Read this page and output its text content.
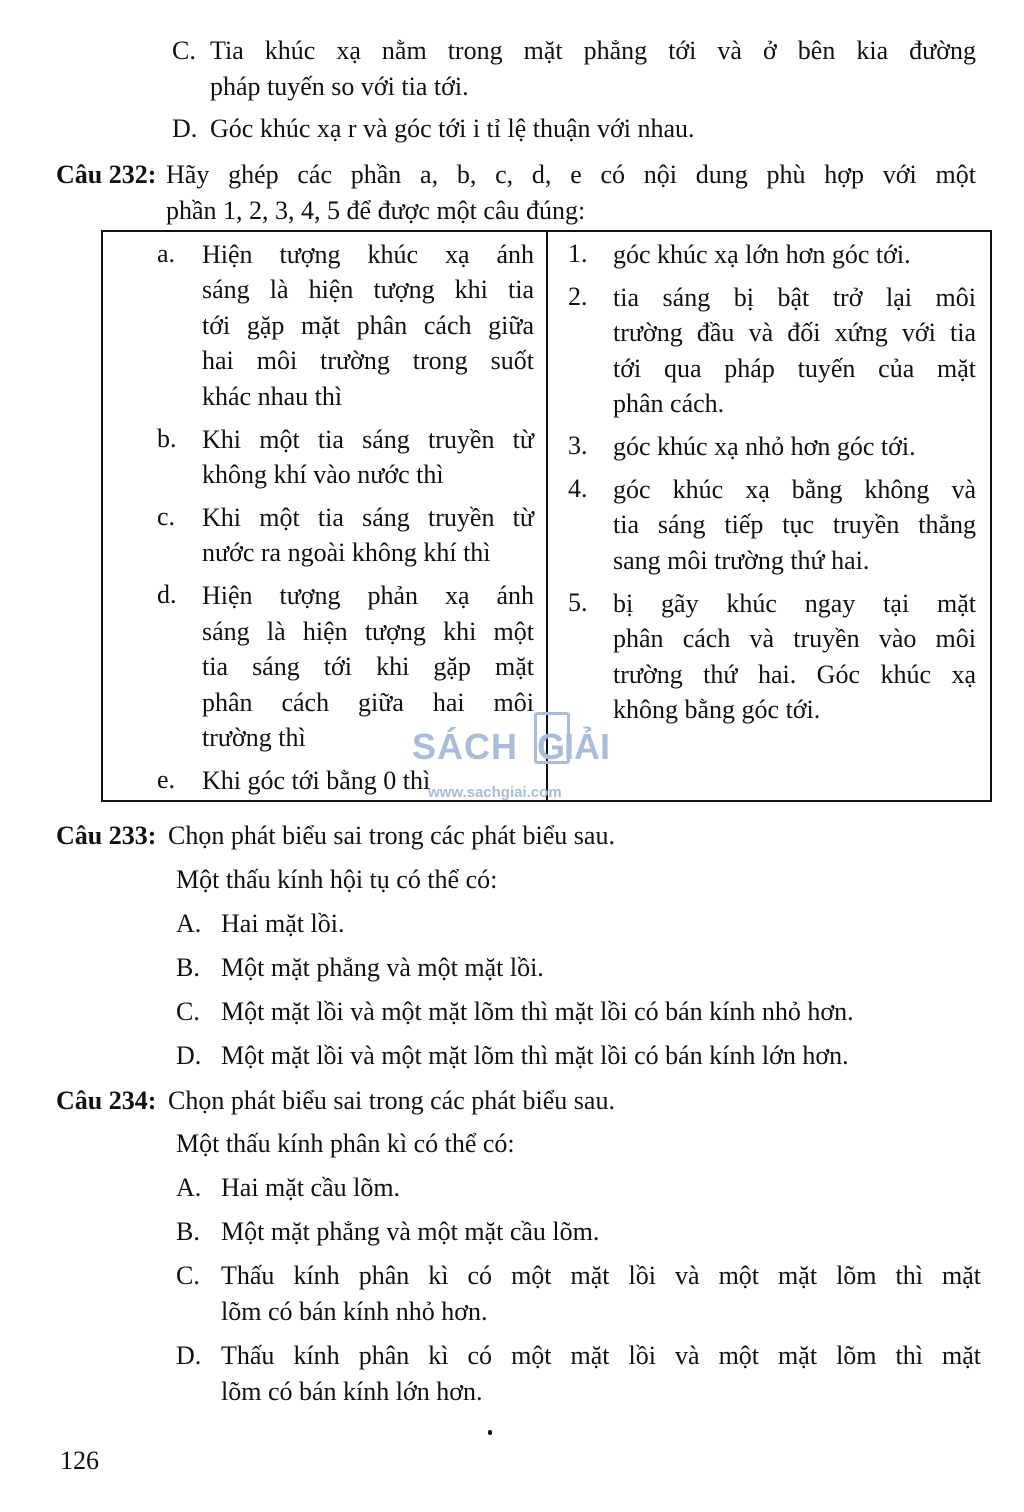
C. Tia khúc xạ nằm trong mặt phẳng tới và ở bên kia đường
pháp tuyến so với tia tới.
D. Góc khúc xạ r và góc tới i tỉ lệ thuận với nhau.
Câu 232: Hãy ghép các phần a, b, c, d, e có nội dung phù hợp với một
phần 1, 2, 3, 4, 5 để được một câu đúng:
a. Hiện tượng khúc xạ ánh
sáng là hiện tượng khi tia
tới gặp mặt phân cách giữa
hai môi trường trong suốt
khác nhau thì
b. Khi một tia sáng truyền từ
không khí vào nước thì
c. Khi một tia sáng truyền từ
nước ra ngoài không khí thì
d. Hiện tượng phản xạ ánh
sáng là hiện tượng khi một
tia sáng tới khi gặp mặt
phân cách giữa hai môi
trường thì
e. Khi góc tới bằng 0 thì
1. góc khúc xạ lớn hơn góc tới.
2. tia sáng bị bật trở lại môi
trường đầu và đối xứng với tia
tới qua pháp tuyến của mặt
phân cách.
3. góc khúc xạ nhỏ hơn góc tới.
4. góc khúc xạ bằng không và
tia sáng tiếp tục truyền thẳng
sang môi trường thứ hai.
5. bị gãy khúc ngay tại mặt
phân cách và truyền vào môi
trường thứ hai. Góc khúc xạ
không bằng góc tới.
SÁCH G
IẢI
www.sachgiai.com
Câu 233: Chọn phát biểu sai trong các phát biểu sau.
Một thấu kính hội tụ có thể có:
A. Hai mặt lồi.
B. Một mặt phẳng và một mặt lồi.
C. Một mặt lồi và một mặt lõm thì mặt lồi có bán kính nhỏ hơn.
D. Một mặt lồi và một mặt lõm thì mặt lồi có bán kính lớn hơn.
Câu 234: Chọn phát biểu sai trong các phát biểu sau.
Một thấu kính phân kì có thể có:
A. Hai mặt cầu lõm.
B. Một mặt phẳng và một mặt cầu lõm.
C. Thấu kính phân kì có một mặt lồi và một mặt lõm thì mặt
lõm có bán kính nhỏ hơn.
D. Thấu kính phân kì có một mặt lồi và một mặt lõm thì mặt
lõm có bán kính lớn hơn.
126
